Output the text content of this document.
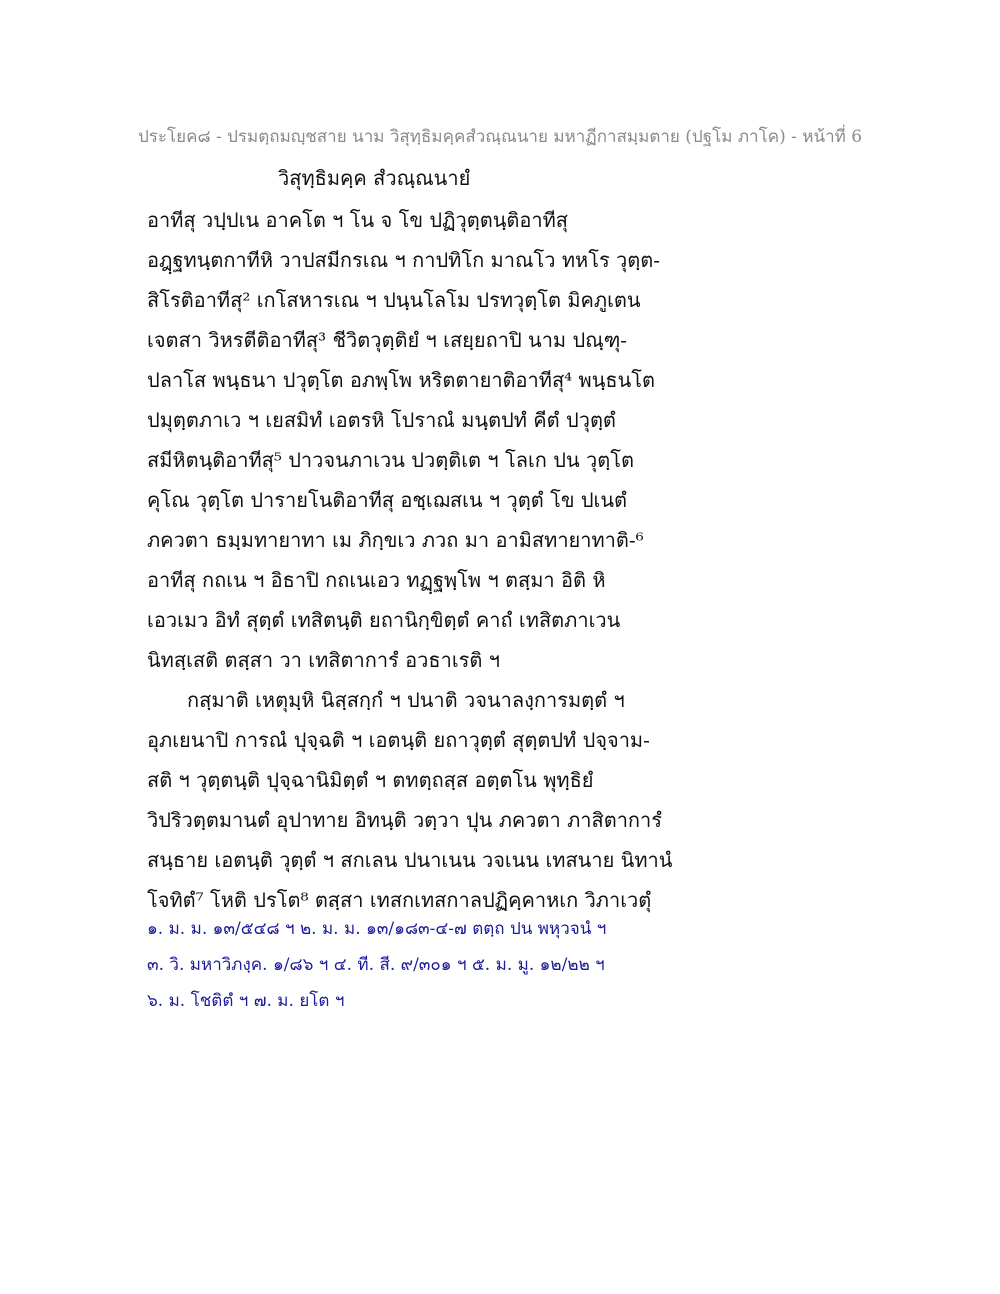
ประโยค๘ - ปรมตฺถมญฺชสาย นาม วิสุทฺธิมคฺคสํวณฺณนาย มหาฏีกาสมฺมตาย (ปฐโม ภาโค) - หน้าที่ 6
วิสุทฺธิมคฺค สํวณฺณนายํ
อาทีสุ วปฺปเน อาคโต ฯ โน จ โข ปฏิวุตฺตนฺติอาทีสุ
อฎฺฐทนฺตกาทีหิ วาปสมีกรเณ ฯ กาปทิโก มาณโว ทหโร วุตฺต-
สิโรติอาทีสุ² เกโสหารเณ ฯ ปนฺนโลโม ปรทวุตฺโต มิคภูเตน
เจตสา วิหรตีติอาทีสุ³ ชีวิตวุตฺติยํ ฯ เสยฺยถาปิ นาม ปณฺฑุ-
ปลาโส พนฺธนา ปวุตฺโต อภพฺโพ หริตตายาติอาทีสุ⁴ พนฺธนโต
ปมุตฺตภาเว ฯ เยสมิทํ เอตรหิ โปราณํ มนฺตปทํ คีตํ ปวุตฺตํ
สมีหิตนฺติอาทีสุ⁵ ปาวจนภาเวน ปวตฺติเต ฯ โลเก ปน วุตฺโต
คุโณ วุตฺโต ปารายโนติอาทีสุ อชฺเฌสเน ฯ วุตฺตํ โข ปเนตํ
ภควตา ธมฺมทายาทา เม ภิกฺขเว ภวถ มา อามิสทายาทาติ-⁶
อาทีสุ กถเน ฯ อิธาปิ กถเนเอว ทฏฺฐพฺโพ ฯ ตสฺมา อิติ หิ
เอวเมว อิทํ สุตฺตํ เทสิตนฺติ ยถานิกฺขิตฺตํ คาถํ เทสิตภาเวน
นิทสฺเสติ ตสฺสา วา เทสิตาการํ อวธาเรติ ฯ
กสฺมาติ เหตุมฺหิ นิสฺสกฺกํ ฯ ปนาติ วจนาลงฺการมตฺตํ ฯ
อุภเยนาปิ การณํ ปุจฺฉติ ฯ เอตนฺติ ยถาวุตฺตํ สุตฺตปทํ ปจฺจาม-
สติ ฯ วุตฺตนฺติ ปุจฺฉานิมิตฺตํ ฯ ตทตฺถสฺส อตฺตโน พุทฺธิยํ
วิปริวตฺตมานตํ อุปาทาย อิทนฺติ วตฺวา ปุน ภควตา ภาสิตาการํ
สนฺธาย เอตนฺติ วุตฺตํ ฯ สกเลน ปนาเนน วจเนน เทสนาย นิทานํ
โจทิตํ⁷ โหติ ปรโต⁸ ตสฺสา เทสกเทสกาลปฏิคฺคาหเก วิภาเวตุํ
๑. ม. ม. ๑๓/๕๔๘ ฯ ๒. ม. ม. ๑๓/๑๘๓-๔-๗ ตตฺถ ปน พหุวจนํ ฯ
๓. วิ. มหาวิภงฺค. ๑/๘๖ ฯ ๔. ที. สี. ๙/๓๐๑ ฯ ๕. ม. มู. ๑๒/๒๒ ฯ
๖. ม. โชติตํ ฯ ๗. ม. ยโต ฯ
